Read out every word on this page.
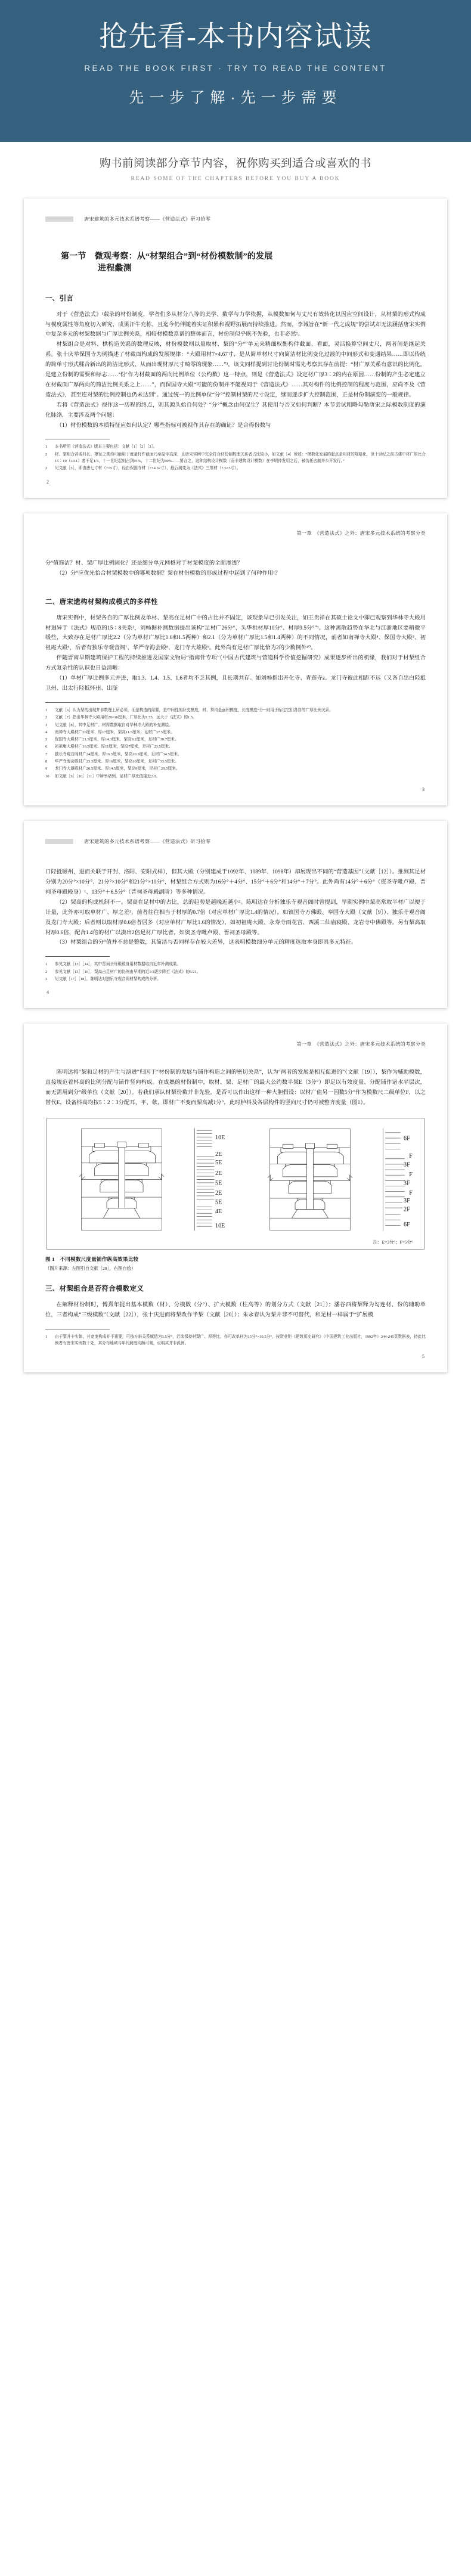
抢先看-本书内容试读
READ THE BOOK FIRST · TRY TO READ THE CONTENT
先一步了解·先一步需要
购书前阅读部分章节内容，祝你购买到适合或喜欢的书
READ SOME OF THE CHAPTERS BEFORE YOU BUY A BOOK
唐宋建筑的多元技术系谱考察——《营造法式》研习拾零
第一节　微观考察：从“材栔组合”到“材份模数制”的发展
进程蠡测
一、引言

对于《营造法式》¹载录的材份制度，学者们多从材分八等的美学、数学与力学依据，从模数如何与丈尺有效转化以因应空间设计，从材栔的形式构成与模度属性等角度切入研究，成果汗牛充栋，且迄今仍伴随着实证积累和视野拓展而持续推进。然而，李诫旨在“新一代之成规”的尝试却无法涵括唐宋实例中复杂多元的材栔数据与广厚比例关系，相较材模数系谱的整体而言，材份制似乎既不先验，也非必然²。

材栔组合是对料、栱构造关系的数理反映，材份模数则以量取材、栔的“分°”单元来精细权衡构件截面、看面，灵活换算空间丈尺，两者间是继起关系。张十庆举保国寺为例描述了材截面构成的发展规律：“大殿用材7×4.67寸，是从简单材尺寸向简洁材比例变化过渡的中间形式和变通结果……即以传统的简单寸形式糅合新出的简洁比形式，从而出现材厚尺寸畸零的现象……”³，该文同样提到讨论份制时需先考察其存在前提：“材广厚关系有意识的比例化，是建立份制的需要和标志……‘份’作为材截面的两向比例单位（公约数）这一特点，则是《营造法式》设定材广厚3∶2的内在原因……份制的产生必定建立在材截面广厚两向的简洁比例关系之上……”，而保国寺大殿“可能的份制并不能视同于《营造法式》……其对构件的比例控制的程度与范围，应尚不及《营造法式》，甚至连对栔的比例控制也仍未达到”。通过统一的比例单位“分°”控制材栔的尺寸设定，继而逐步扩大控制范围，正是材份制演变的一般规律。

若将《营造法式》视作这一历程的终点，则其源头始自何处？“分°”概念由何促生？其使用与否又如何判断？本节尝试粗略勾勒唐宋之际模数制度的演化脉络，主要涉及两个问题：

（1）材份模数的本质特征应如何认定？哪些指标可被视作其存在的确证？是合得份数与

1	本书所用《营造法式》版本主要包括：文献［1］［2］［3］。
2	材、栔组合甚或枓长、橑径之类均可能用于度量杆件截面乃至屋宇高深，且唐宋实例中完全符合材份制数理关系者占比较小，如文献［4］所述：“模数化发展的起点是用材的规格化，但十世纪之前古建中材广厚比合15∶10（±0.1）者不足1/3，十一世纪起则占到91%，十二世纪为80%……要言之，这种结构设计模数（而非建筑设计模数）在李明仲发明之后，被伪托古制并公开发行。”
3	见文献［5］，即由唐七寸材（7×5寸），经由保国寺材（7×4.67寸），最后演变为《法式》三等材（7.5×5寸）。
2
第一章　《营造法式》之外：唐宋多元技术系统的考察分类

分°值简洁？材、栔广厚比例固化？还是细分单元网格对于材栔模度的全面渗透？

（2）分°应优先恰合材栔模数中的哪项数据？栔在材份模数的形成过程中起到了何种作用¹？

二、唐宋遗构材栔构成模式的多样性

唐宋实例中，材栔各自的广厚比例及单材、栔高在足材广中的占比并不固定，该现象早已引发关注，如王贵祥在其硕士论文中即已观察到华林寺大殿用材迥异于《法式》规范的15∶8关系²，刘畅据补测数据提出该构“足材广26分°、头华栱材厚10分°、材厚9.5分°”³。这种离散趋势在华北与江浙地区要稍微平缓些，大致存在足材广厚比2.2（分为单材广厚比1.6和1.5两种）和2.1（分为单材广厚比1.5和1.4两种）的不同情况，前者如南禅寺大殿⁴、保国寺大殿⁵、初祖庵大殿⁶，后者有独乐寺观音阁⁷、华严寺海会殿⁸、龙门寺大雄殿⁹。此外尚有足材广厚比恰为2的少数例外¹⁰。

伴随晋南早期建筑保护工程的持续推进及国家文物局“指南针专项”（中国古代建筑与营造科学价值挖掘研究）成果逐步析出的机缘，我们对于材栔组合方式复杂性的认识也日益清晰：

（1）单材广厚比例多元并进，取1.3、1.4、1.5、1.6者均不乏其例，且长期共存。如刘畅指出开化寺、青莲寺z、龙门寺彼此相距不远（又各自出白陉抵卫州、出太行陉抵怀州、出滏

1	文献［6］认为栔的出现并非数理上所必须，而是构造的需要，是中间性的补充模度，材、栔均是面积模度，长度模度“分°”则用于标定它们各自的广厚比例关系。
2	文献［7］指出华林寺大殿用材28×16厘米，广厚比为1.75，远大于《法式》的1.5。
3	见文献［8］，其中足材广、材厚数据取自对华林寺大殿的补充测绘。
4	南禅寺大殿材广26厘米、厚17厘米，栔高11.5厘米，足材广37.5厘米。
5	保国寺大殿材广21.5厘米、厚14.3厘米，栔高9.2厘米，足材广30.7厘米。
6	初祖庵大殿材广16.5厘米、厚11厘米，栔高7厘米，足材广23.5厘米。
7	独乐寺观音阁材广24厘米、厚16.5厘米，栔高10.5厘米，足材广34.5厘米。
8	华严寺海会殿材广23.5厘米、厚16厘米，栔高10厘米，足材广33.5厘米。
9	龙门寺大雄殿材广20.5厘米、厚14.5厘米，栔高9厘米，足材广29.5厘米。
10	如文献［9］［10］［11］中所举诸例，足材广厚比值接近2.0。
3
唐宋建筑的多元技术系谱考察——《营造法式》研习拾零

口陉抵磁州，进而关联于开封、洛阳、安阳式样），但其大殿（分别建成于1092年、1089年、1098年）却展现出不同的“营造基因”（文献［12］）。推测其足材分别为20分°×10分°、21分°×10分°和21分°×10分°，材栔组合方式则为16分°＋4分°、15分°＋6分°和14分°＋7分°。此外尚有14分°＋6分°（资圣寺毗卢殿、晋祠圣母殿殿身）¹、13分°＋6.5分°（晋祠圣母殿副阶）等多种情况。

（2）栔高的构成机制不一。栔高在足材中的占比，总的趋势是越晚近越小²。陈明达在分析独乐寺观音阁时曾提到，早期实例中栔高常取半材广以便于计量，此外亦可取单材广、厚之差³，前者往往相当于材厚的0.7倍（对应单材广厚比1.4的情况），如镇国寺万佛殿、奉国寺大殿（文献［9］）、独乐寺观音阁及龙门寺大殿；后者则以取材厚0.6倍者居多（对应单材广厚比1.6的情况），如初祖庵大殿、永寿寺雨花宫、西溪二仙庙寝殿、龙岩寺中佛殿等。另有栔高取材厚0.6倍，配合1.4倍的材广以凑出2倍足材广厚比者，如资圣寺毗卢殿、晋祠圣母殿等。

（3）材栔组合的分°值并不总是整数，其简洁与否同样存在较大差异，这表明模数细分单元的精度选取本身即具多元特征。

1	参见文献［13］［14］，其中晋祠圣母殿殿身用材数据取自近年补测成果。
2	参见文献［15］［16］，栔高占足材广的比例由早期的近1/3逐步降至《法式》的6/21。
3	见文献［17］［18］，陈明达对独乐寺观音阁材栔构成的分析。
4
第一章　《营造法式》之外：唐宋多元技术系统的考察分类

陈明达将“栔和足材的产生与演进”归因于“材份制的发展与铺作构造之间的密切关系”，认为“两者的发展是相互促进的”（文献［19］），栔作为辅助模数，直接规范着枓高的比例分配与铺作竖向构成。在成熟的材份制中，取材、栔、足材广的最大公约数半栔E（3分°）即足以有效度量、分配铺作诸水平层次，而无需用到分°级单位（文献［20］）。若我们承认材栔份数并非先验，是否可以作出这样一种大胆假设：以材广值另一因数5分°作为模数尺二级单位F，以之替代E，设备枓高均按5∶2∶3分配耳、平、欹，即材广不变而栔高减1分°，此时栌枓及各层构件的竖向尺寸仍可被整齐度量（图1）。

10E
2E
5E
2E
5E
2E
5E
4E
10E
6F
F
3F
F
3F
F
3F
2F
6F
注：E=3分°；F=5分°
图 1　不同模数尺度量铺作纵高效果比较
（图片来源：左图引自文献［20］，右图自绘）
三、材栔组合是否符合模数定义

在解释材份制时，傅熹年提出基本模数（材）、分模数（分°）、扩大模数（柱高等）的划分方式（文献［21］）；潘谷西将栔释为勾连材、份的辅助单位，三者构成“三级模数”（文献［22］），张十庆进而将栔改作半栔（文献［20］）；朱永春认为栔并非不可替代，和足材一样属于“扩展模

1	由于栔并非实体，其宽度构成并不重要，可按方斜关系赋值为3.5分°，若欲保持材栔广、厚等比，亦可改单材为15分°×10.5分°，按贺业钜《建筑历史研究》（中国建筑工业出版社，1992年）244-245页数据表，持此比例者有唐宋实例数十处，其分布地域与年代跨度均颇可观，说明其并非孤例。
5
